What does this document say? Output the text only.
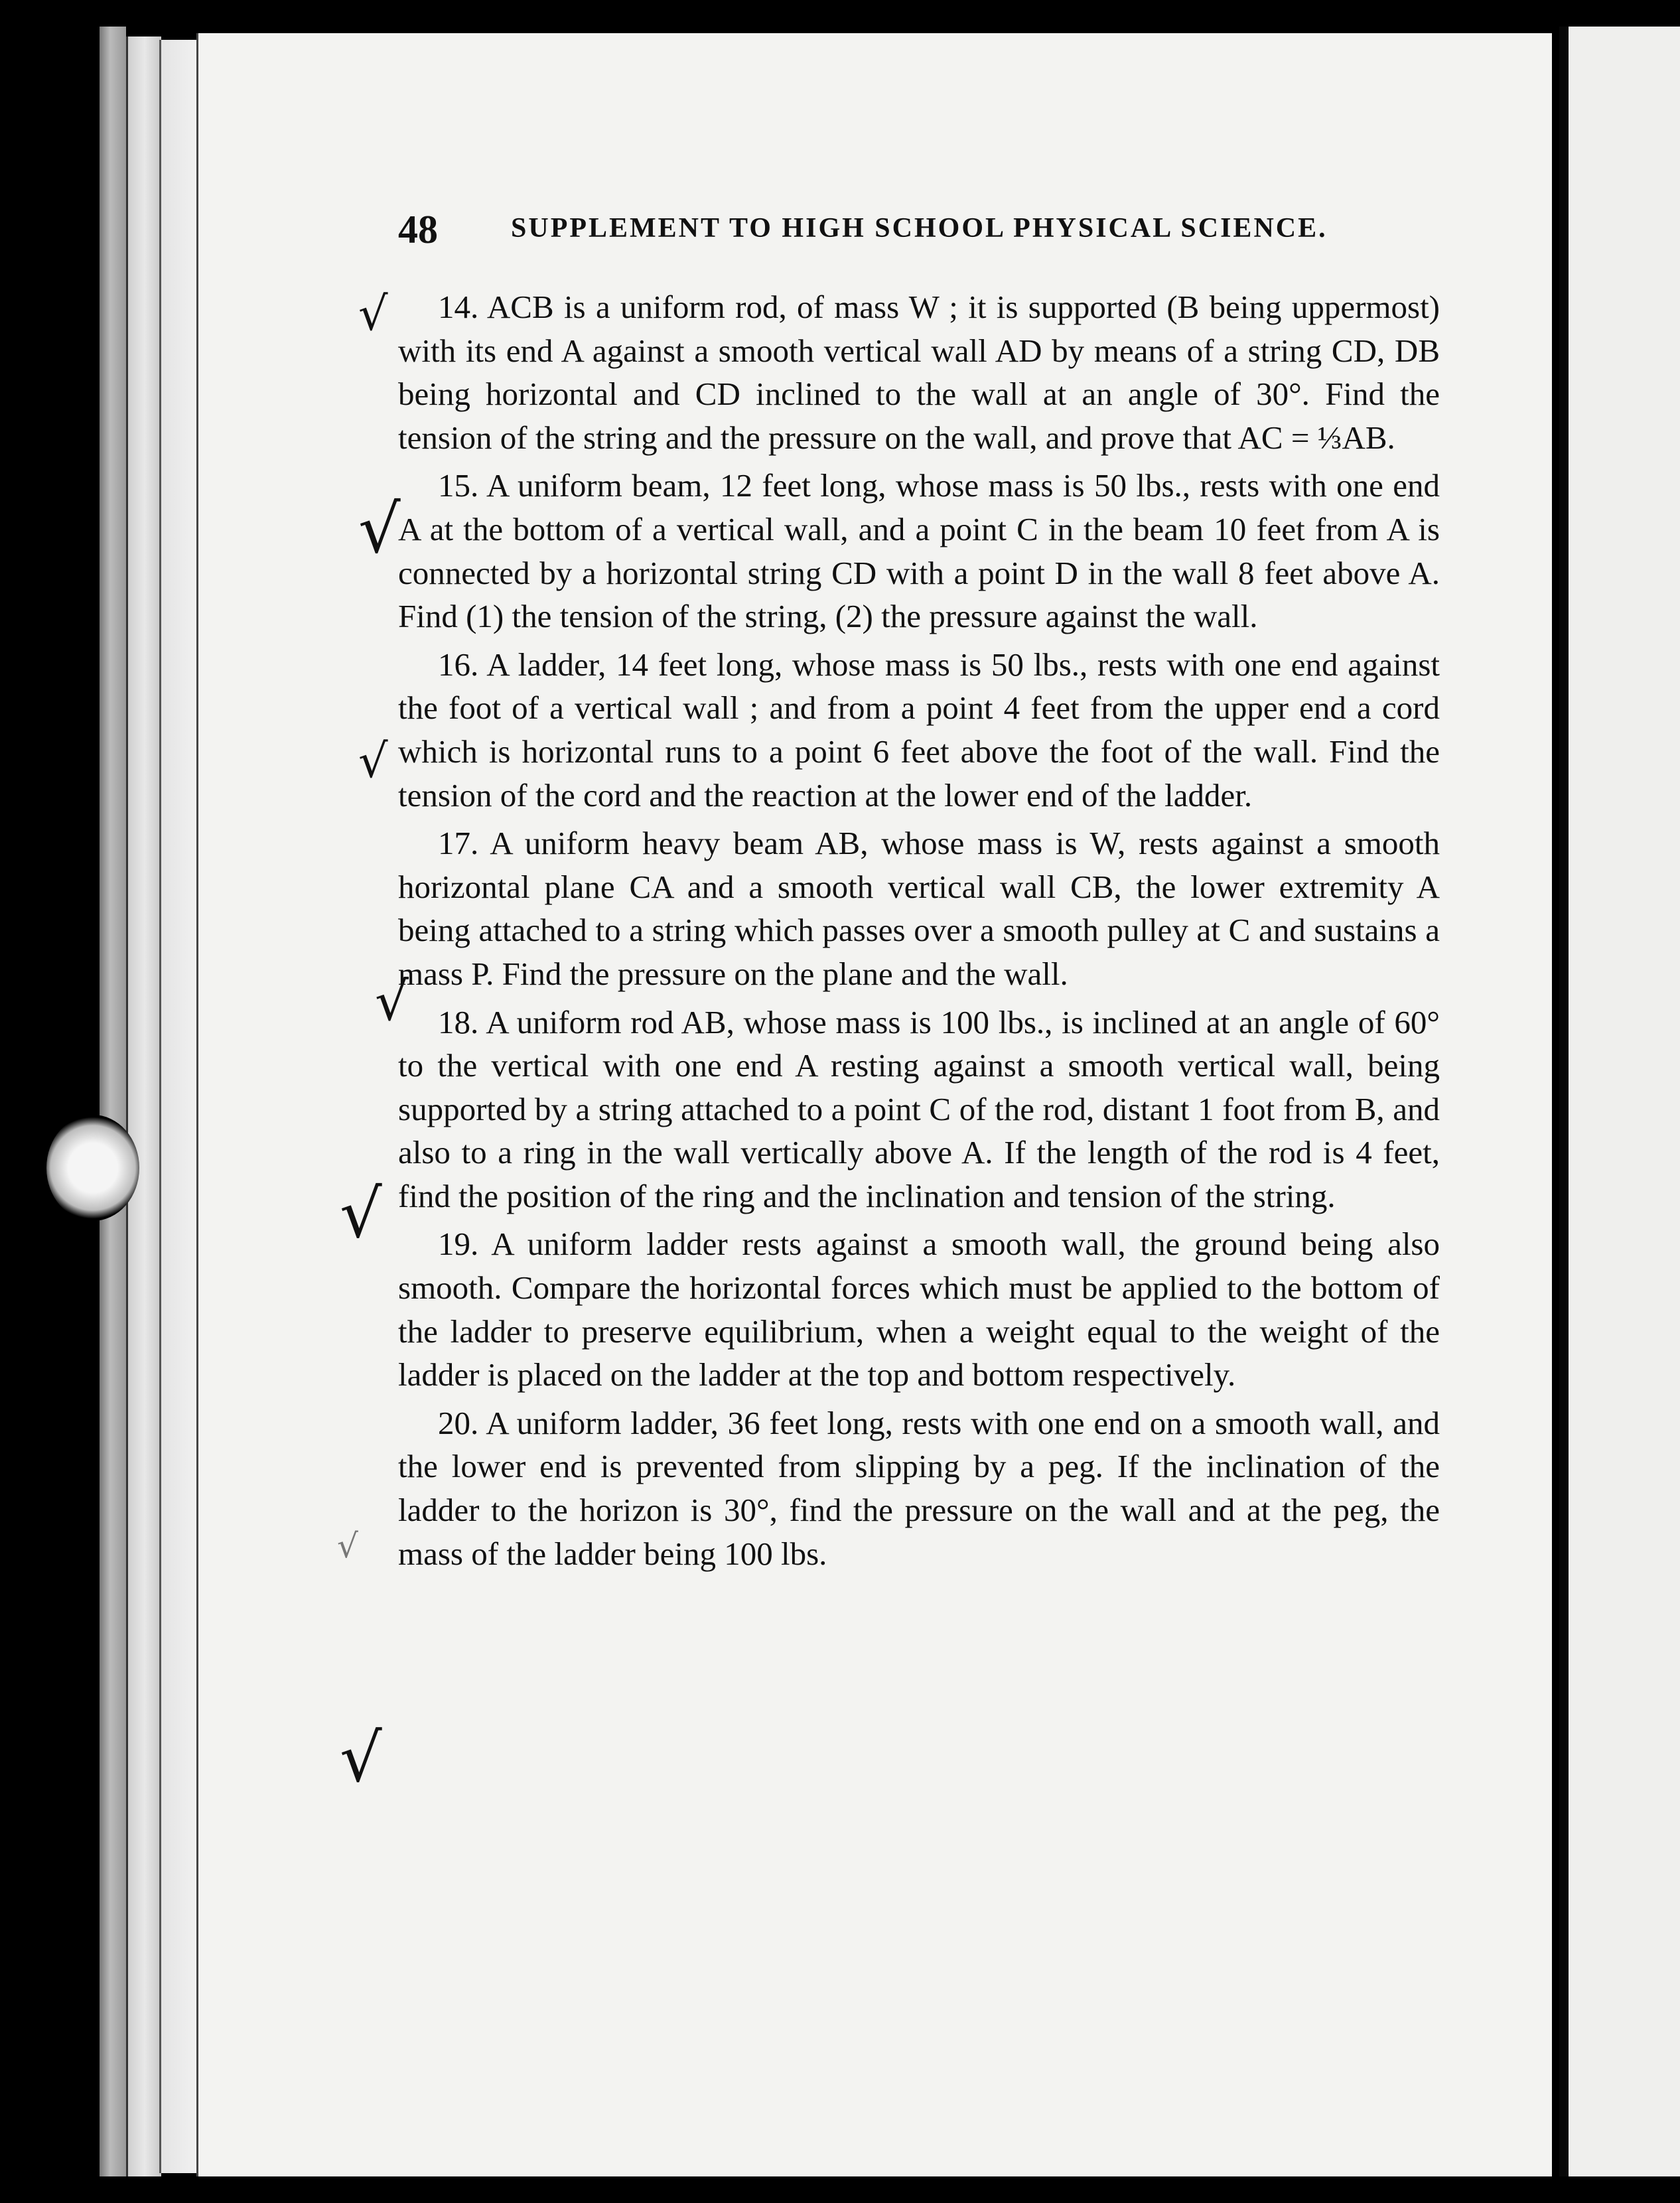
48	SUPPLEMENT TO HIGH SCHOOL PHYSICAL SCIENCE.
√
√
√
√
√
√
√

14. ACB is a uniform rod, of mass W ; it is supported (B being uppermost) with its end A against a smooth vertical wall AD by means of a string CD, DB being horizontal and CD inclined to the wall at an angle of 30°. Find the tension of the string and the pressure on the wall, and prove that AC = ⅓AB.

15. A uniform beam, 12 feet long, whose mass is 50 lbs., rests with one end A at the bottom of a vertical wall, and a point C in the beam 10 feet from A is connected by a horizontal string CD with a point D in the wall 8 feet above A. Find (1) the tension of the string, (2) the pressure against the wall.

16. A ladder, 14 feet long, whose mass is 50 lbs., rests with one end against the foot of a vertical wall ; and from a point 4 feet from the upper end a cord which is horizontal runs to a point 6 feet above the foot of the wall. Find the tension of the cord and the reaction at the lower end of the ladder.

17. A uniform heavy beam AB, whose mass is W, rests against a smooth horizontal plane CA and a smooth vertical wall CB, the lower extremity A being attached to a string which passes over a smooth pulley at C and sustains a mass P. Find the pressure on the plane and the wall.

18. A uniform rod AB, whose mass is 100 lbs., is inclined at an angle of 60° to the vertical with one end A resting against a smooth vertical wall, being supported by a string attached to a point C of the rod, distant 1 foot from B, and also to a ring in the wall vertically above A. If the length of the rod is 4 feet, find the position of the ring and the inclination and tension of the string.

19. A uniform ladder rests against a smooth wall, the ground being also smooth. Compare the horizontal forces which must be applied to the bottom of the ladder to preserve equilibrium, when a weight equal to the weight of the ladder is placed on the ladder at the top and bottom respectively.

20. A uniform ladder, 36 feet long, rests with one end on a smooth wall, and the lower end is prevented from slipping by a peg. If the inclination of the ladder to the horizon is 30°, find the pressure on the wall and at the peg, the mass of the ladder being 100 lbs.
